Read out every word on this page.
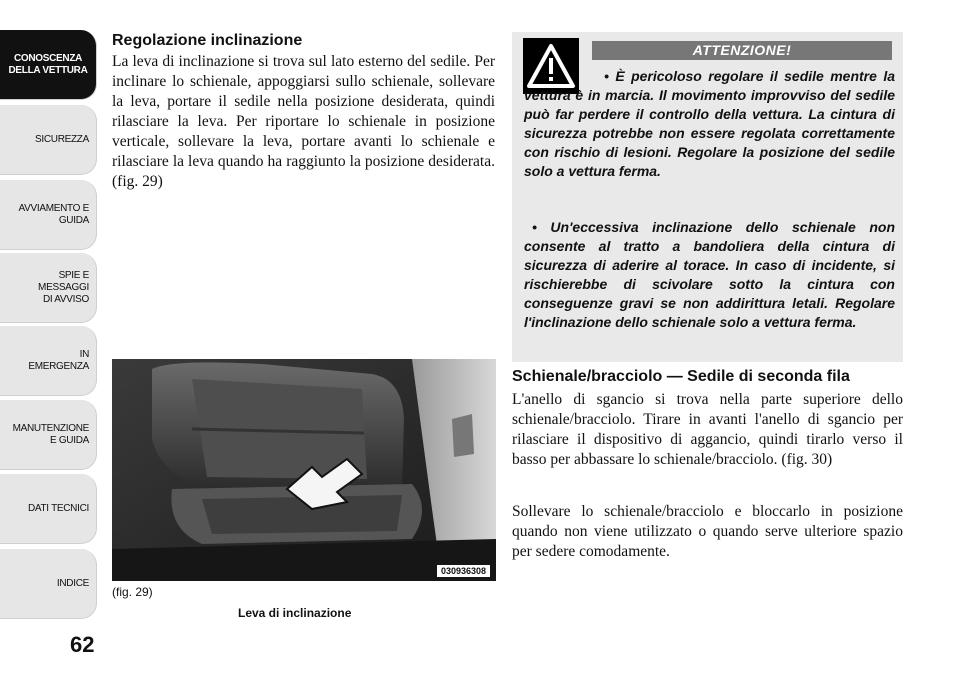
CONOSCENZA
DELLA VETTURA
SICUREZZA
AVVIAMENTO E
GUIDA
SPIE E
MESSAGGI
DI AVVISO
IN
EMERGENZA
MANUTENZIONE
E GUIDA
DATI TECNICI
INDICE
62
Regolazione inclinazione
La leva di inclinazione si trova sul lato esterno del sedile. Per inclinare lo schienale, appoggiarsi sullo schienale, sollevare la leva, portare il sedile nella posizione desiderata, quindi rilasciare la leva. Per riportare lo schienale in posizione verticale, sollevare la leva, portare avanti lo schienale e rilasciare la leva quando ha raggiunto la posizione desiderata. (fig. 29)
030936308
(fig. 29)
Leva di inclinazione
ATTENZIONE!
• È pericoloso regolare il sedile mentre la vettura è in marcia. Il movimento improvviso del sedile può far perdere il controllo della vettura. La cintura di sicurezza potrebbe non essere regolata correttamente con rischio di lesioni. Regolare la posizione del sedile solo a vettura ferma.
• Un'eccessiva inclinazione dello schienale non consente al tratto a bandoliera della cintura di sicurezza di aderire al torace. In caso di incidente, si rischierebbe di scivolare sotto la cintura con conseguenze gravi se non addirittura letali. Regolare l'inclinazione dello schienale solo a vettura ferma.
Schienale/bracciolo — Sedile di seconda fila
L'anello di sgancio si trova nella parte superiore dello schienale/bracciolo. Tirare in avanti l'anello di sgancio per rilasciare il dispositivo di aggancio, quindi tirarlo verso il basso per abbassare lo schienale/bracciolo. (fig. 30)
Sollevare lo schienale/bracciolo e bloccarlo in posizione quando non viene utilizzato o quando serve ulteriore spazio per sedere comodamente.
